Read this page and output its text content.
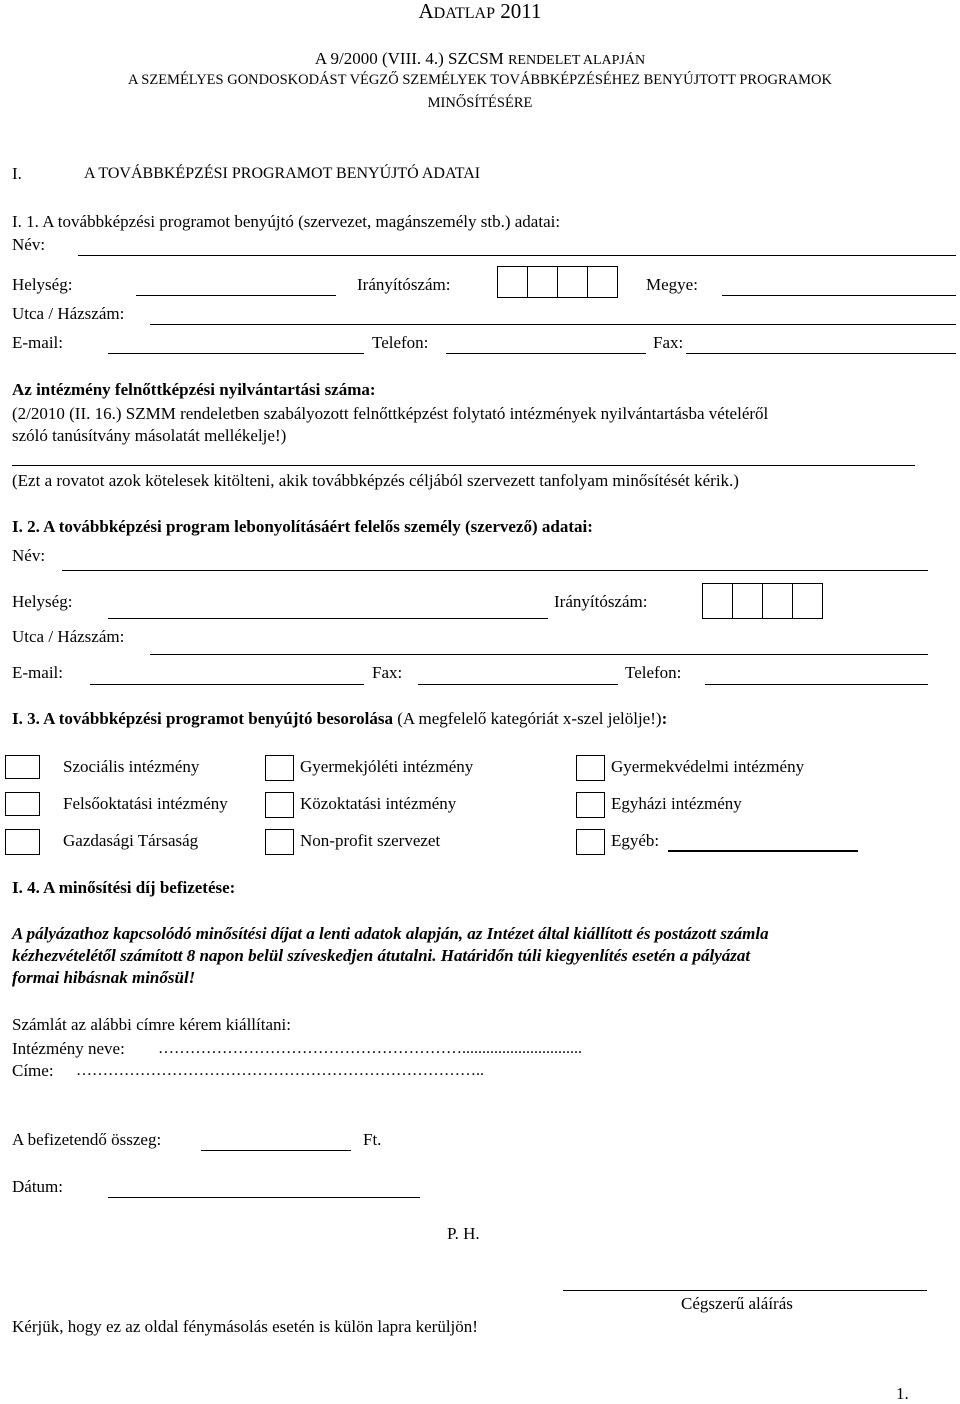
ADATLAP 2011
A 9/2000 (VIII. 4.) SZCSM RENDELET ALAPJÁN
A SZEMÉLYES GONDOSKODÁST VÉGZŐ SZEMÉLYEK TOVÁBBKÉPZÉSÉHEZ BENYÚJTOTT PROGRAMOK
MINŐSÍTÉSÉRE
I.	A TOVÁBBKÉPZÉSI PROGRAMOT BENYÚJTÓ ADATAI
I. 1. A továbbképzési programot benyújtó (szervezet, magánszemély stb.) adatai:
Név:
Helység:	Irányítószám:	Megye:
Utca / Házszám:
E-mail:	Telefon:	Fax:
Az intézmény felnőttképzési nyilvántartási száma:
(2/2010 (II. 16.) SZMM rendeletben szabályozott felnőttképzést folytató intézmények nyilvántartásba vételéről
szóló tanúsítvány másolatát mellékelje!)
(Ezt a rovatot azok kötelesek kitölteni, akik továbbképzés céljából szervezett tanfolyam minősítését kérik.)
I. 2. A továbbképzési program lebonyolításáért felelős személy (szervező) adatai:
Név:
Helység:	Irányítószám:
Utca / Házszám:
E-mail:	Fax:	Telefon:
I. 3. A továbbképzési programot benyújtó besorolása (A megfelelő kategóriát x-szel jelölje!):
Szociális intézmény	Gyermekjóléti intézmény	Gyermekvédelmi intézmény
Felsőoktatási intézmény	Közoktatási intézmény	Egyházi intézmény
Gazdasági Társaság	Non-profit szervezet	Egyéb:
I. 4. A minősítési díj befizetése:
A pályázathoz kapcsolódó minősítési díjat a lenti adatok alapján, az Intézet által kiállított és postázott számla
kézhezvételétől számított 8 napon belül szíveskedjen átutalni. Határidőn túli kiegyenlítés esetén a pályázat
formai hibásnak minősül!
Számlát az alábbi címre kérem kiállítani:
Intézmény neve: …………………………………………………..............................
Címe: …………………………………………………………………..
A befizetendő összeg:	Ft.
Dátum:
P. H.
Cégszerű aláírás
Kérjük, hogy ez az oldal fénymásolás esetén is külön lapra kerüljön!
1.
